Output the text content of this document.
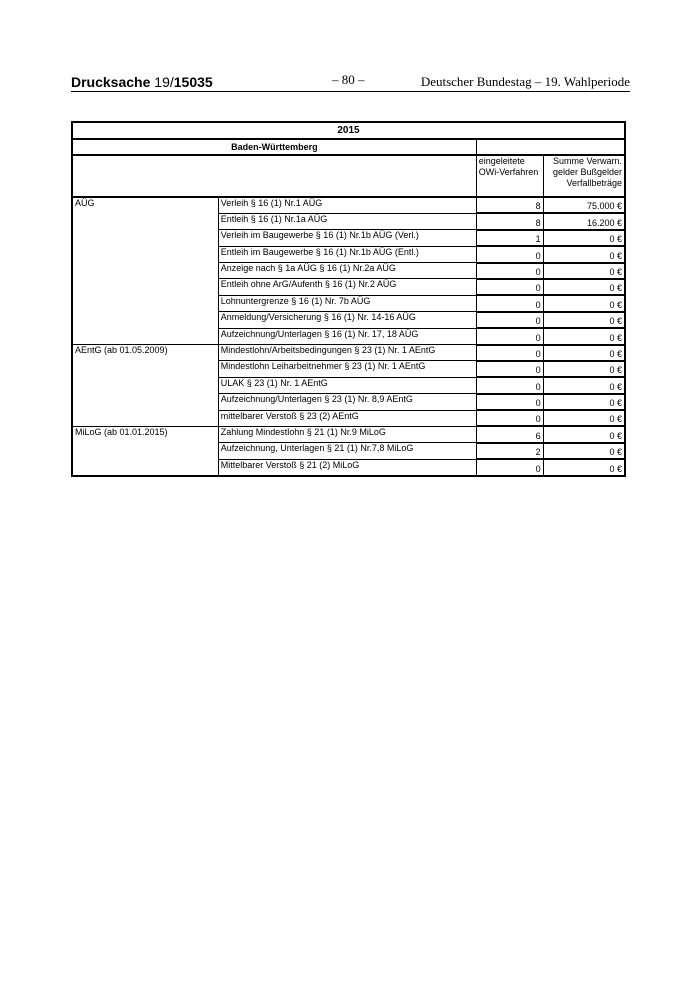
Drucksache 19/15035	– 80 –	Deutscher Bundestag – 19. Wahlperiode
2015			
Baden-Württemberg			
		eingeleitete OWi-Verfahren	Summe Verwarn. gelder Bußgelder Verfallbeträge
AÜG	Verleih § 16 (1) Nr.1 AÜG	8	75.000 €
	Entleih § 16 (1) Nr.1a AÜG	8	16.200 €
	Verleih im Baugewerbe § 16 (1) Nr.1b AÜG (Verl.)	1	0 €
	Entleih im Baugewerbe § 16 (1) Nr.1b AÜG (Entl.)	0	0 €
	Anzeige nach § 1a AÜG § 16 (1) Nr.2a AÜG	0	0 €
	Entleih ohne ArG/Aufenth § 16 (1) Nr.2 AÜG	0	0 €
	Lohnuntergrenze § 16 (1) Nr. 7b AÜG	0	0 €
	Anmeldung/Versicherung § 16 (1) Nr. 14-16 AÜG	0	0 €
	Aufzeichnung/Unterlagen § 16 (1) Nr. 17, 18 AÜG	0	0 €
AEntG (ab 01.05.2009)	Mindestlohn/Arbeitsbedingungen § 23 (1) Nr. 1 AEntG	0	0 €
	Mindestlohn Leiharbeitnehmer § 23 (1) Nr. 1 AEntG	0	0 €
	ULAK § 23 (1) Nr. 1 AEntG	0	0 €
	Aufzeichnung/Unterlagen § 23 (1) Nr. 8,9 AEntG	0	0 €
	mittelbarer Verstoß § 23 (2) AEntG	0	0 €
MiLoG (ab 01.01.2015)	Zahlung Mindestlohn § 21 (1) Nr.9 MiLoG	6	0 €
	Aufzeichnung, Unterlagen § 21 (1) Nr.7,8 MiLoG	2	0 €
	Mittelbarer Verstoß § 21 (2) MiLoG	0	0 €
